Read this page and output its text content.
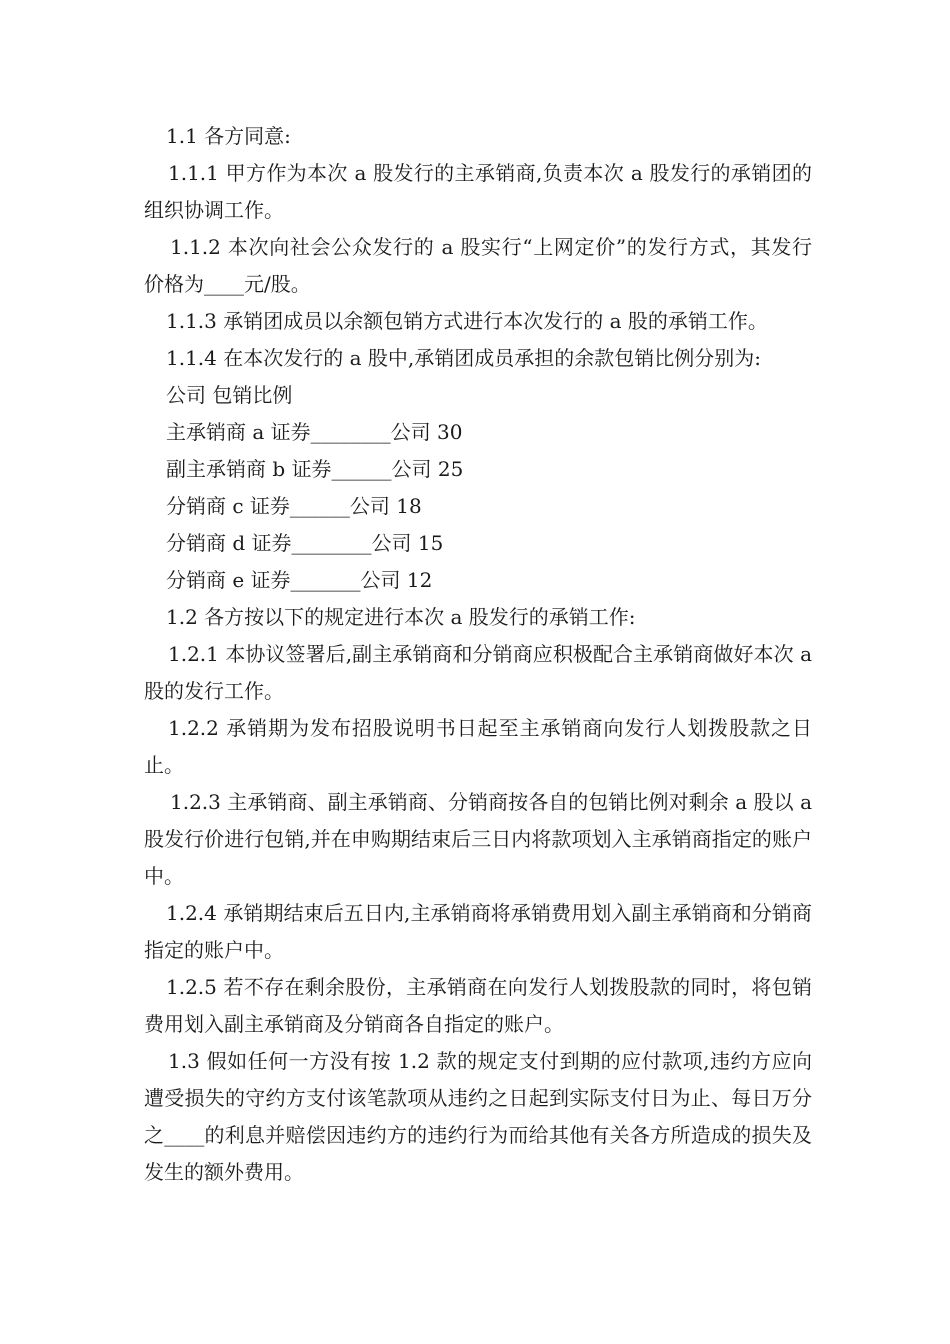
1.1 各方同意:

1.1.1 甲方作为本次 a 股发行的主承销商,负责本次 a 股发行的承销团的组织协调工作。

1.1.2 本次向社会公众发行的 a 股实行“上网定价”的发行方式，其发行价格为____元/股。

1.1.3 承销团成员以余额包销方式进行本次发行的 a 股的承销工作。

1.1.4 在本次发行的 a 股中,承销团成员承担的余款包销比例分别为:

公司 包销比例

主承销商 a 证券________公司 30

副主承销商 b 证券______公司 25

分销商 c 证券______公司 18

分销商 d 证券________公司 15

分销商 e 证券_______公司 12

1.2 各方按以下的规定进行本次 a 股发行的承销工作:

1.2.1 本协议签署后,副主承销商和分销商应积极配合主承销商做好本次 a 股的发行工作。

1.2.2 承销期为发布招股说明书日起至主承销商向发行人划拨股款之日止。

1.2.3 主承销商、副主承销商、分销商按各自的包销比例对剩余 a 股以 a 股发行价进行包销,并在申购期结束后三日内将款项划入主承销商指定的账户中。

1.2.4 承销期结束后五日内,主承销商将承销费用划入副主承销商和分销商指定的账户中。

1.2.5 若不存在剩余股份，主承销商在向发行人划拨股款的同时，将包销费用划入副主承销商及分销商各自指定的账户。

1.3 假如任何一方没有按 1.2 款的规定支付到期的应付款项,违约方应向遭受损失的守约方支付该笔款项从违约之日起到实际支付日为止、每日万分之____的利息并赔偿因违约方的违约行为而给其他有关各方所造成的损失及发生的额外费用。
